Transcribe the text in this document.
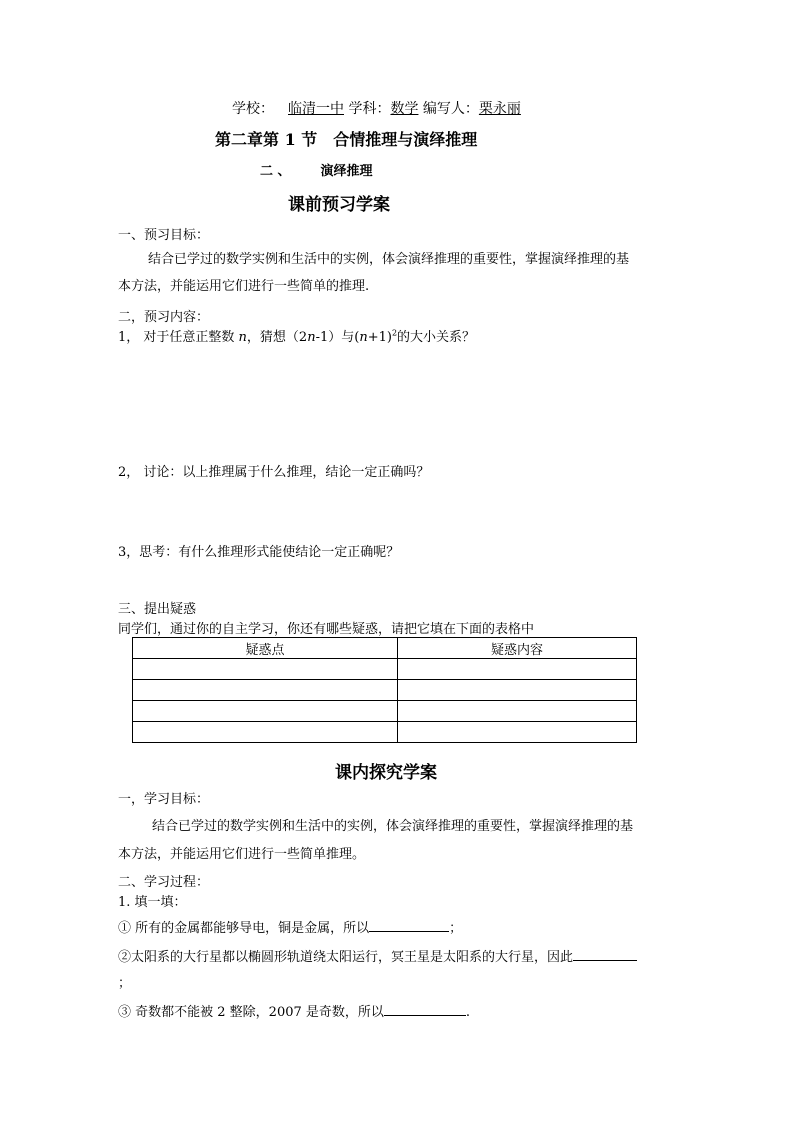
学校： 临清一中 学科：数学 编写人：栗永丽
第二章第 1 节　合情推理与演绎推理
二 、 演绎推理
课前预习学案
一、预习目标：
结合已学过的数学实例和生活中的实例，体会演绎推理的重要性，掌握演绎推理的基
本方法，并能运用它们进行一些简单的推理.
二，预习内容：
1， 对于任意正整数 n，猜想（2n-1）与$(n+1)^2$的大小关系？
2， 讨论：以上推理属于什么推理，结论一定正确吗？
3，思考：有什么推理形式能使结论一定正确呢？
三、提出疑惑
同学们，通过你的自主学习，你还有哪些疑惑，请把它填在下面的表格中
疑惑点	疑惑内容

课内探究学案
一，学习目标：
结合已学过的数学实例和生活中的实例，体会演绎推理的重要性，掌握演绎推理的基
本方法，并能运用它们进行一些简单推理。
二、学习过程：
1. 填一填：
① 所有的金属都能够导电，铜是金属，所以	；
②太阳系的大行星都以椭圆形轨道绕太阳运行，冥王星是太阳系的大行星，因此
；
③ 奇数都不能被 2 整除，2007 是奇数，所以	.
